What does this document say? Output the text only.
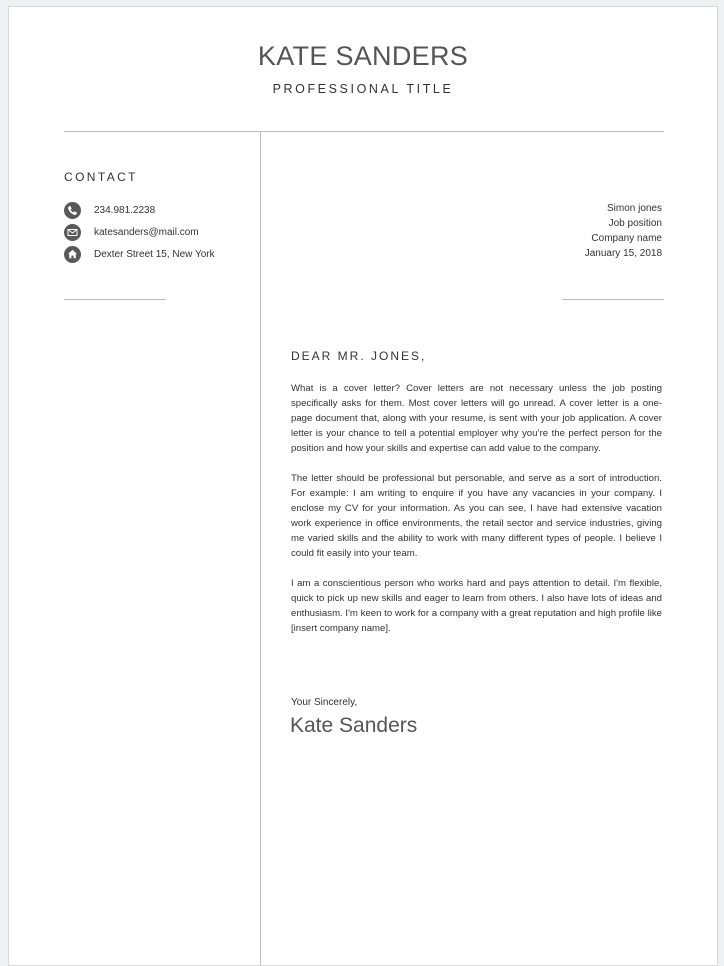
KATE SANDERS
PROFESSIONAL TITLE
CONTACT
234.981.2238
katesanders@mail.com
Dexter Street 15, New York
Simon jones
Job position
Company name
January 15, 2018
DEAR MR. JONES,

What is a cover letter? Cover letters are not necessary unless the job posting specifically asks for them. Most cover letters will go unread. A cover letter is a one-page document that, along with your resume, is sent with your job application. A cover letter is your chance to tell a potential employer why you’re the perfect person for the position and how your skills and expertise can add value to the company.

The letter should be professional but personable, and serve as a sort of introduction. For example: I am writing to enquire if you have any vacancies in your company. I enclose my CV for your information. As you can see, I have had extensive vacation work experience in office environments, the retail sector and service industries, giving me varied skills and the ability to work with many different types of people. I believe I could fit easily into your team.

I am a conscientious person who works hard and pays attention to detail. I'm flexible, quick to pick up new skills and eager to learn from others. I also have lots of ideas and enthusiasm. I'm keen to work for a company with a great reputation and high profile like [insert company name].

Your Sincerely,
Kate Sanders
